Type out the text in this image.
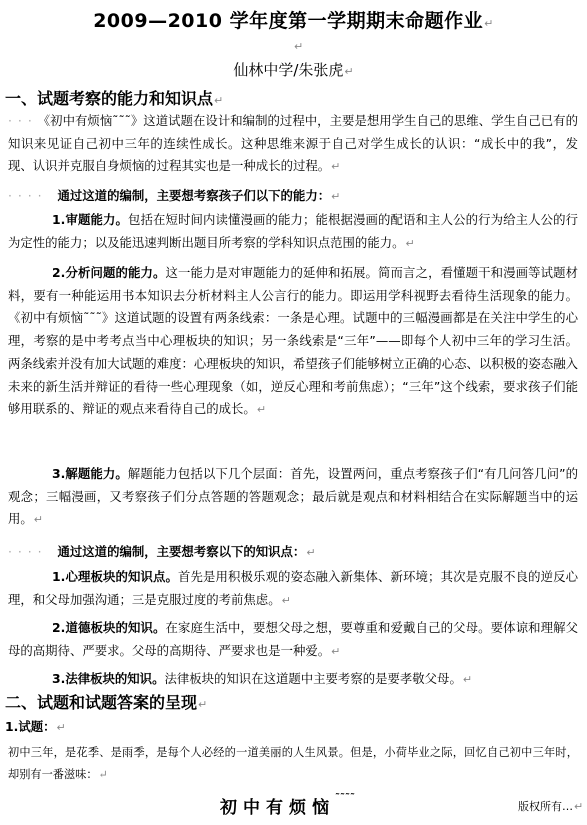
2009—2010 学年度第一学期期末命题作业↵
↵
仙林中学/朱张虎↵
一、试题考察的能力和知识点↵

· · · 《初中有烦恼˜˜˜》这道试题在设计和编制的过程中，主要是想用学生自己的思维、学生自己已有的知识来见证自己初中三年的连续性成长。这种思维来源于自己对学生成长的认识：“成长中的我”，发现、认识并克服自身烦恼的过程其实也是一种成长的过程。↵

· · · · 通过这道的编制，主要想考察孩子们以下的能力：↵

1.审题能力。包括在短时间内读懂漫画的能力；能根据漫画的配语和主人公的行为给主人公的行为定性的能力；以及能迅速判断出题目所考察的学科知识点范围的能力。↵

2.分析问题的能力。这一能力是对审题能力的延伸和拓展。简而言之，看懂题干和漫画等试题材料，要有一种能运用书本知识去分析材料主人公言行的能力。即运用学科视野去看待生活现象的能力。《初中有烦恼˜˜˜》这道试题的设置有两条线索：一条是心理。试题中的三幅漫画都是在关注中学生的心理，考察的是中考考点当中心理板块的知识；另一条线索是“三年”——即每个人初中三年的学习生活。两条线索并没有加大试题的难度：心理板块的知识，希望孩子们能够树立正确的心态、以积极的姿态融入未来的新生活并辩证的看待一些心理现象（如，逆反心理和考前焦虑）；“三年”这个线索，要求孩子们能够用联系的、辩证的观点来看待自己的成长。↵

3.解题能力。解题能力包括以下几个层面：首先，设置两问，重点考察孩子们“有几问答几问”的观念；三幅漫画，又考察孩子们分点答题的答题观念；最后就是观点和材料相结合在实际解题当中的运用。↵

· · · · 通过这道的编制，主要想考察以下的知识点：↵

1.心理板块的知识点。首先是用积极乐观的姿态融入新集体、新环境；其次是克服不良的逆反心理，和父母加强沟通；三是克服过度的考前焦虑。↵

2.道德板块的知识。在家庭生活中，要想父母之想，要尊重和爱戴自己的父母。要体谅和理解父母的高期待、严要求。父母的高期待、严要求也是一种爱。↵

3.法律板块的知识。法律板块的知识在这道题中主要考察的是要孝敬父母。↵

二、试题和试题答案的呈现↵
1.试题：↵

初中三年，是花季、是雨季，是每个人必经的一道美丽的人生风景。但是，小荷毕业之际，回忆自己初中三年时，却别有一番滋味：↵

初中有烦恼˜˜˜˜
版权所有…↵
